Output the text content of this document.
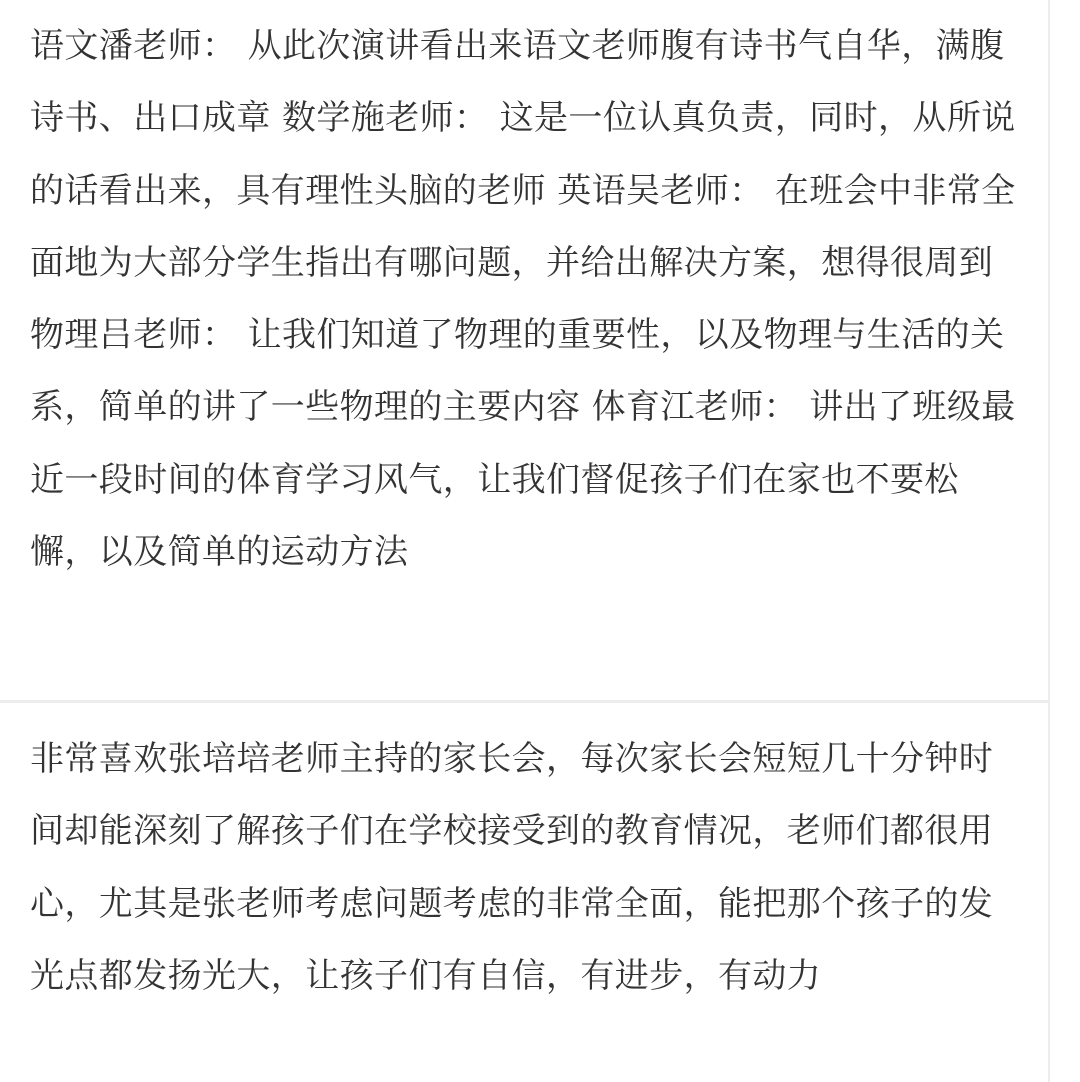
语文潘老师： 从此次演讲看出来语文老师腹有诗书气自华，满腹诗书、出口成章 数学施老师： 这是一位认真负责，同时，从所说的话看出来，具有理性头脑的老师 英语吴老师： 在班会中非常全面地为大部分学生指出有哪问题，并给出解决方案，想得很周到 物理吕老师： 让我们知道了物理的重要性，以及物理与生活的关系，简单的讲了一些物理的主要内容 体育江老师： 讲出了班级最近一段时间的体育学习风气，让我们督促孩子们在家也不要松懈，以及简单的运动方法

非常喜欢张培培老师主持的家长会，每次家长会短短几十分钟时间却能深刻了解孩子们在学校接受到的教育情况，老师们都很用心，尤其是张老师考虑问题考虑的非常全面，能把那个孩子的发光点都发扬光大，让孩子们有自信，有进步，有动力
